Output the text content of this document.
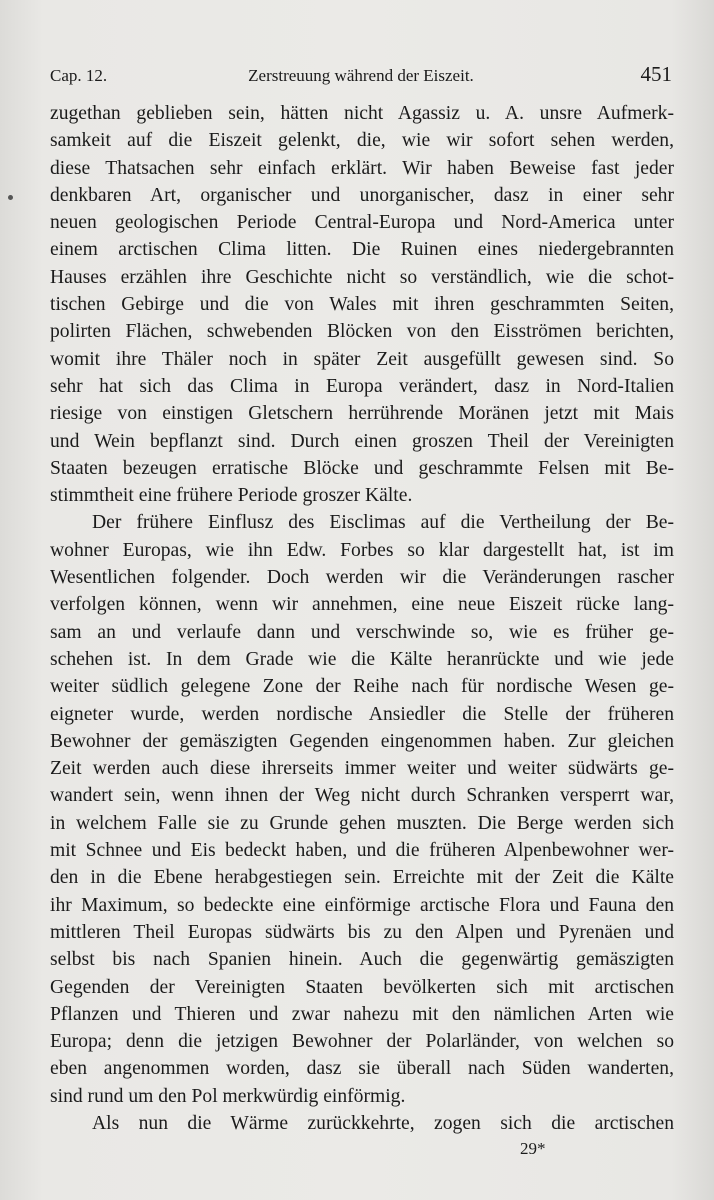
Cap. 12.	Zerstreuung während der Eiszeit.	451
zugethan geblieben sein, hätten nicht Agassiz u. A. unsre Aufmerk-
samkeit auf die Eiszeit gelenkt, die, wie wir sofort sehen werden,
diese Thatsachen sehr einfach erklärt. Wir haben Beweise fast jeder
denkbaren Art, organischer und unorganischer, dasz in einer sehr
neuen geologischen Periode Central-Europa und Nord-America unter
einem arctischen Clima litten. Die Ruinen eines niedergebrannten
Hauses erzählen ihre Geschichte nicht so verständlich, wie die schot-
tischen Gebirge und die von Wales mit ihren geschrammten Seiten,
polirten Flächen, schwebenden Blöcken von den Eisströmen berichten,
womit ihre Thäler noch in später Zeit ausgefüllt gewesen sind. So
sehr hat sich das Clima in Europa verändert, dasz in Nord-Italien
riesige von einstigen Gletschern herrührende Moränen jetzt mit Mais
und Wein bepflanzt sind. Durch einen groszen Theil der Vereinigten
Staaten bezeugen erratische Blöcke und geschrammte Felsen mit Be-
stimmtheit eine frühere Periode groszer Kälte.
Der frühere Einflusz des Eisclimas auf die Vertheilung der Be-
wohner Europas, wie ihn Edw. Forbes so klar dargestellt hat, ist im
Wesentlichen folgender. Doch werden wir die Veränderungen rascher
verfolgen können, wenn wir annehmen, eine neue Eiszeit rücke lang-
sam an und verlaufe dann und verschwinde so, wie es früher ge-
schehen ist. In dem Grade wie die Kälte heranrückte und wie jede
weiter südlich gelegene Zone der Reihe nach für nordische Wesen ge-
eigneter wurde, werden nordische Ansiedler die Stelle der früheren
Bewohner der gemäszigten Gegenden eingenommen haben. Zur gleichen
Zeit werden auch diese ihrerseits immer weiter und weiter südwärts ge-
wandert sein, wenn ihnen der Weg nicht durch Schranken versperrt war,
in welchem Falle sie zu Grunde gehen muszten. Die Berge werden sich
mit Schnee und Eis bedeckt haben, und die früheren Alpenbewohner wer-
den in die Ebene herabgestiegen sein. Erreichte mit der Zeit die Kälte
ihr Maximum, so bedeckte eine einförmige arctische Flora und Fauna den
mittleren Theil Europas südwärts bis zu den Alpen und Pyrenäen und
selbst bis nach Spanien hinein. Auch die gegenwärtig gemäszigten
Gegenden der Vereinigten Staaten bevölkerten sich mit arctischen
Pflanzen und Thieren und zwar nahezu mit den nämlichen Arten wie
Europa; denn die jetzigen Bewohner der Polarländer, von welchen so
eben angenommen worden, dasz sie überall nach Süden wanderten,
sind rund um den Pol merkwürdig einförmig.
Als nun die Wärme zurückkehrte, zogen sich die arctischen
29*
